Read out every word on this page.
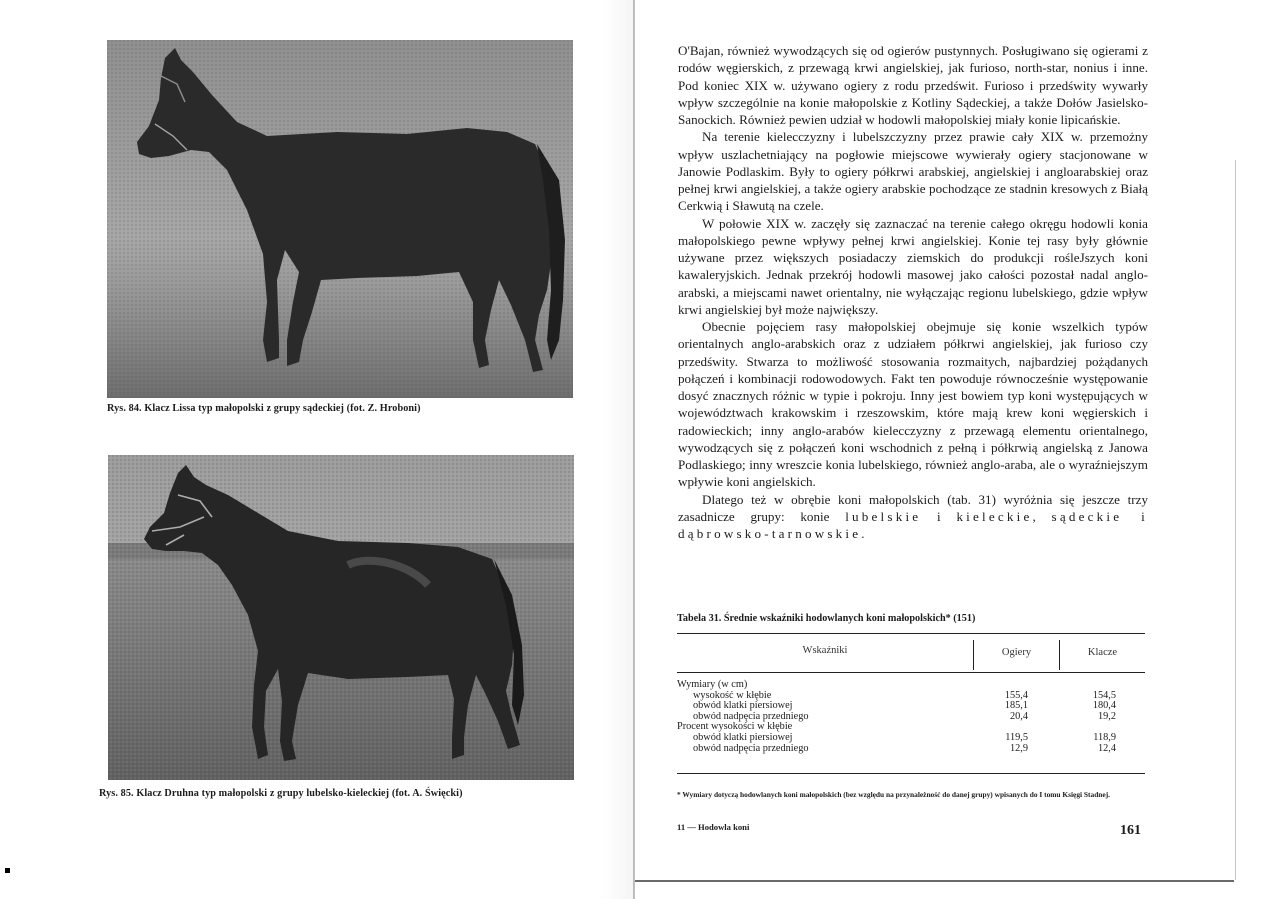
Rys. 84. Klacz Lissa typ małopolski z grupy sądeckiej (fot. Z. Hroboni)
Rys. 85. Klacz Druhna typ małopolski z grupy lubelsko-kieleckiej (fot. A. Święcki)

O'Bajan, również wywodzących się od ogierów pustynnych. Posługiwano się ogierami z rodów węgierskich, z przewagą krwi angielskiej, jak furioso, north-star, nonius i inne. Pod koniec XIX w. używano ogiery z rodu przedświt. Furioso i przedświty wywarły wpływ szczególnie na konie małopolskie z Kotliny Sądeckiej, a także Dołów Jasielsko-Sanockich. Również pewien udział w hodowli małopolskiej miały konie lipicańskie.

Na terenie kielecczyzny i lubelszczyzny przez prawie cały XIX w. przemożny wpływ uszlachetniający na pogłowie miejscowe wywierały ogiery stacjonowane w Janowie Podlaskim. Były to ogiery półkrwi arabskiej, angielskiej i angloarabskiej oraz pełnej krwi angielskiej, a także ogiery arabskie pochodzące ze stadnin kresowych z Białą Cerkwią i Sławutą na czele.

W połowie XIX w. zaczęły się zaznaczać na terenie całego okręgu hodowli konia małopolskiego pewne wpływy pełnej krwi angielskiej. Konie tej rasy były głównie używane przez większych posiadaczy ziemskich do produkcji rośleJszych koni kawaleryjskich. Jednak przekrój hodowli masowej jako całości pozostał nadal anglo-arabski, a miejscami nawet orientalny, nie wyłączając regionu lubelskiego, gdzie wpływ krwi angielskiej był może największy.

Obecnie pojęciem rasy małopolskiej obejmuje się konie wszelkich typów orientalnych anglo-arabskich oraz z udziałem półkrwi angielskiej, jak furioso czy przedświty. Stwarza to możliwość stosowania rozmaitych, najbardziej pożądanych połączeń i kombinacji rodowodowych. Fakt ten powoduje równocześnie występowanie dosyć znacznych różnic w typie i pokroju. Inny jest bowiem typ koni występujących w województwach krakowskim i rzeszowskim, które mają krew koni węgierskich i radowieckich; inny anglo-arabów kielecczyzny z przewagą elementu orientalnego, wywodzących się z połączeń koni wschodnich z pełną i półkrwią angielską z Janowa Podlaskiego; inny wreszcie konia lubelskiego, również anglo-araba, ale o wyraźniejszym wpływie koni angielskich.

Dlatego też w obrębie koni małopolskich (tab. 31) wyróżnia się jeszcze trzy zasadnicze grupy: konie lubelskie i kieleckie, sądeckie i dąbrowsko-tarnowskie.

Tabela 31. Średnie wskaźniki hodowlanych koni małopolskich* (151)
Wskaźniki	Ogiery	Klacze
Wymiary (w cm)
wysokość w kłębie	155,4	154,5
obwód klatki piersiowej	185,1	180,4
obwód nadpęcia przedniego	20,4	19,2
Procent wysokości w kłębie
obwód klatki piersiowej	119,5	118,9
obwód nadpęcia przedniego	12,9	12,4
* Wymiary dotyczą hodowlanych koni małopolskich (bez względu na przynależność do danej grupy) wpisanych do I tomu Księgi Stadnej.
11 — Hodowla koni	161
